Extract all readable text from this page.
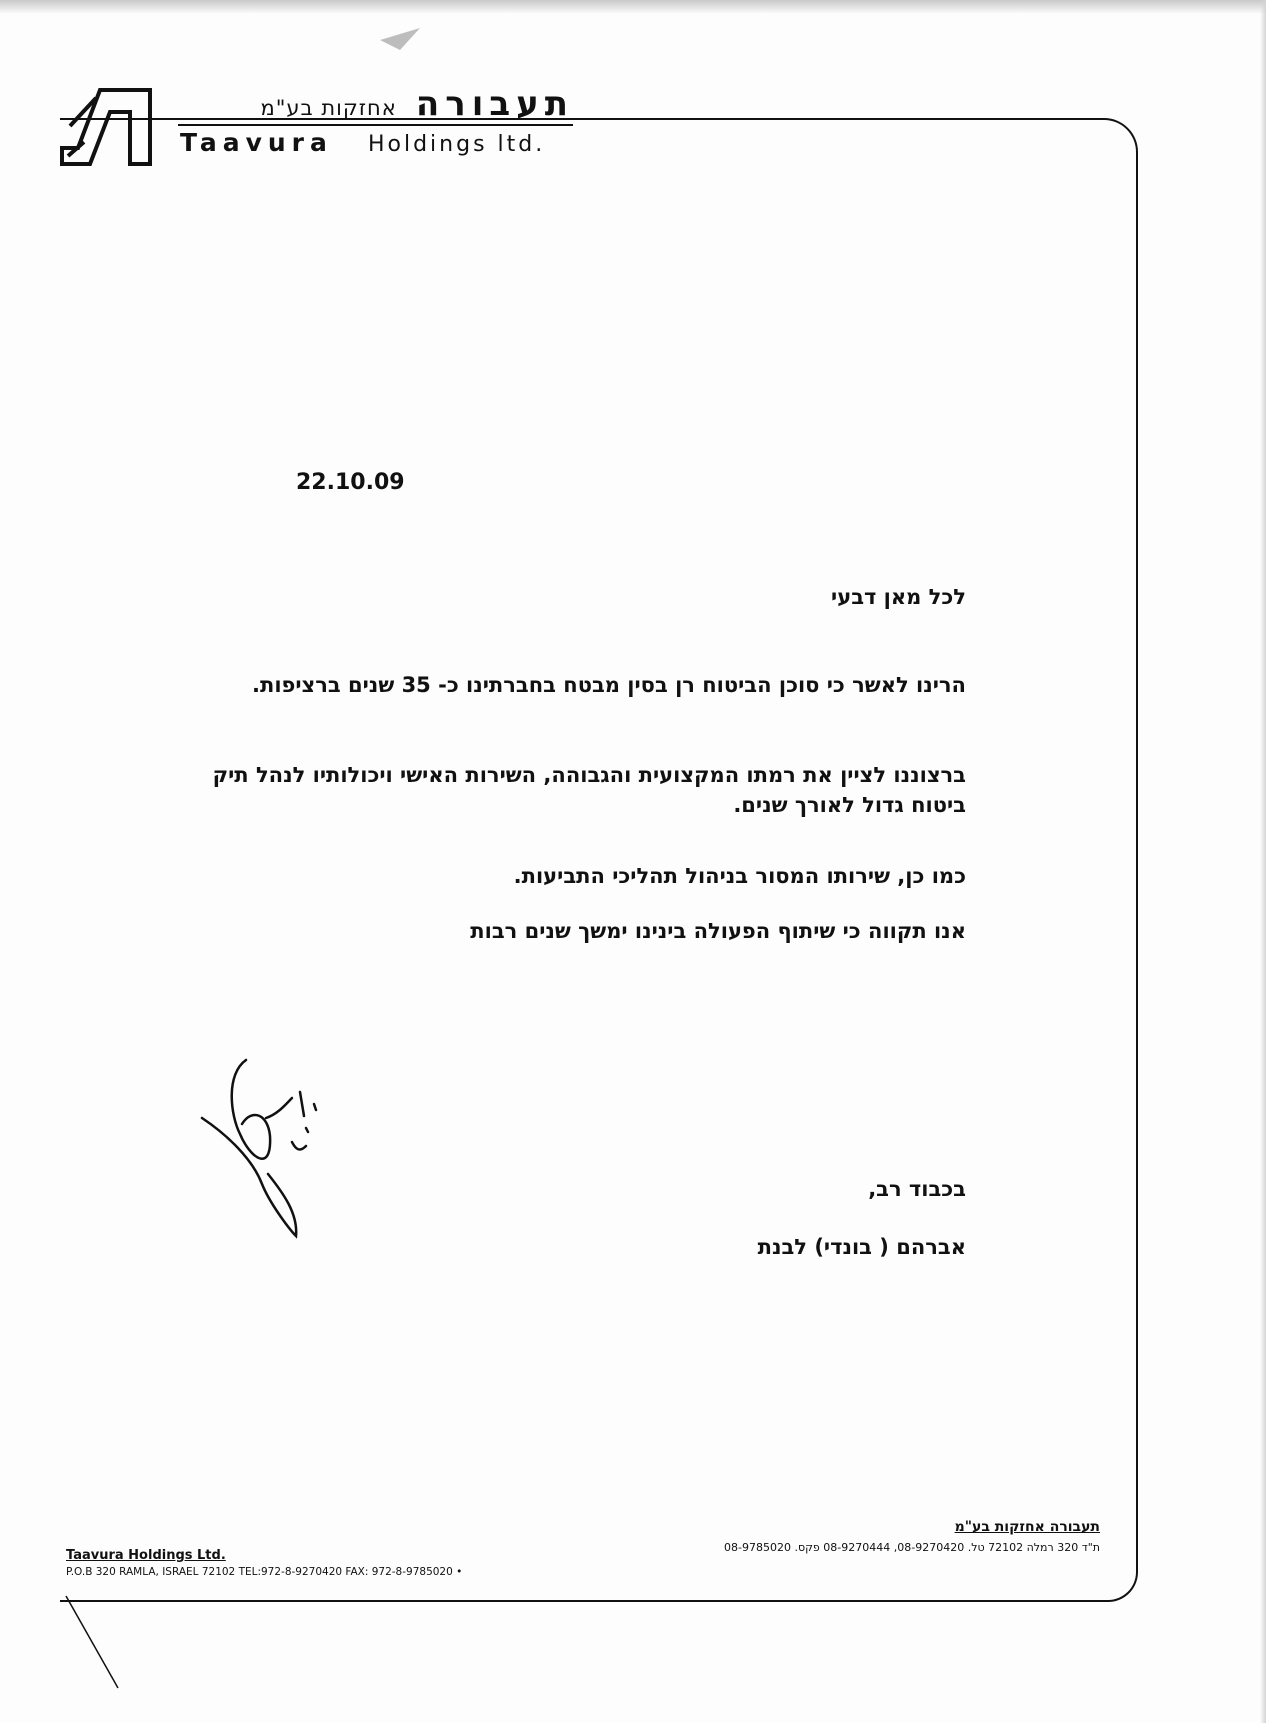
תעבורה אחזקות בע"מ
Taavura Holdings ltd.
22.10.09
לכל מאן דבעי
הרינו לאשר כי סוכן הביטוח רן בסין מבטח בחברתינו כ- 35 שנים ברציפות.
ברצוננו לציין את רמתו המקצועית והגבוהה, השירות האישי ויכולותיו לנהל תיק ביטוח גדול לאורך שנים.
כמו כן, שירותו המסור בניהול תהליכי התביעות.
אנו תקווה כי שיתוף הפעולה בינינו ימשך שנים רבות
בכבוד רב,
אברהם ( בונדי) לבנת
תעבורה אחזקות בע"מ
ת"ד 320 רמלה 72102 טל. 08-9270420, 08-9270444 פקס. 08-9785020
Taavura Holdings Ltd.
P.O.B 320 RAMLA, ISRAEL 72102 TEL:972-8-9270420 FAX: 972-8-9785020 •
